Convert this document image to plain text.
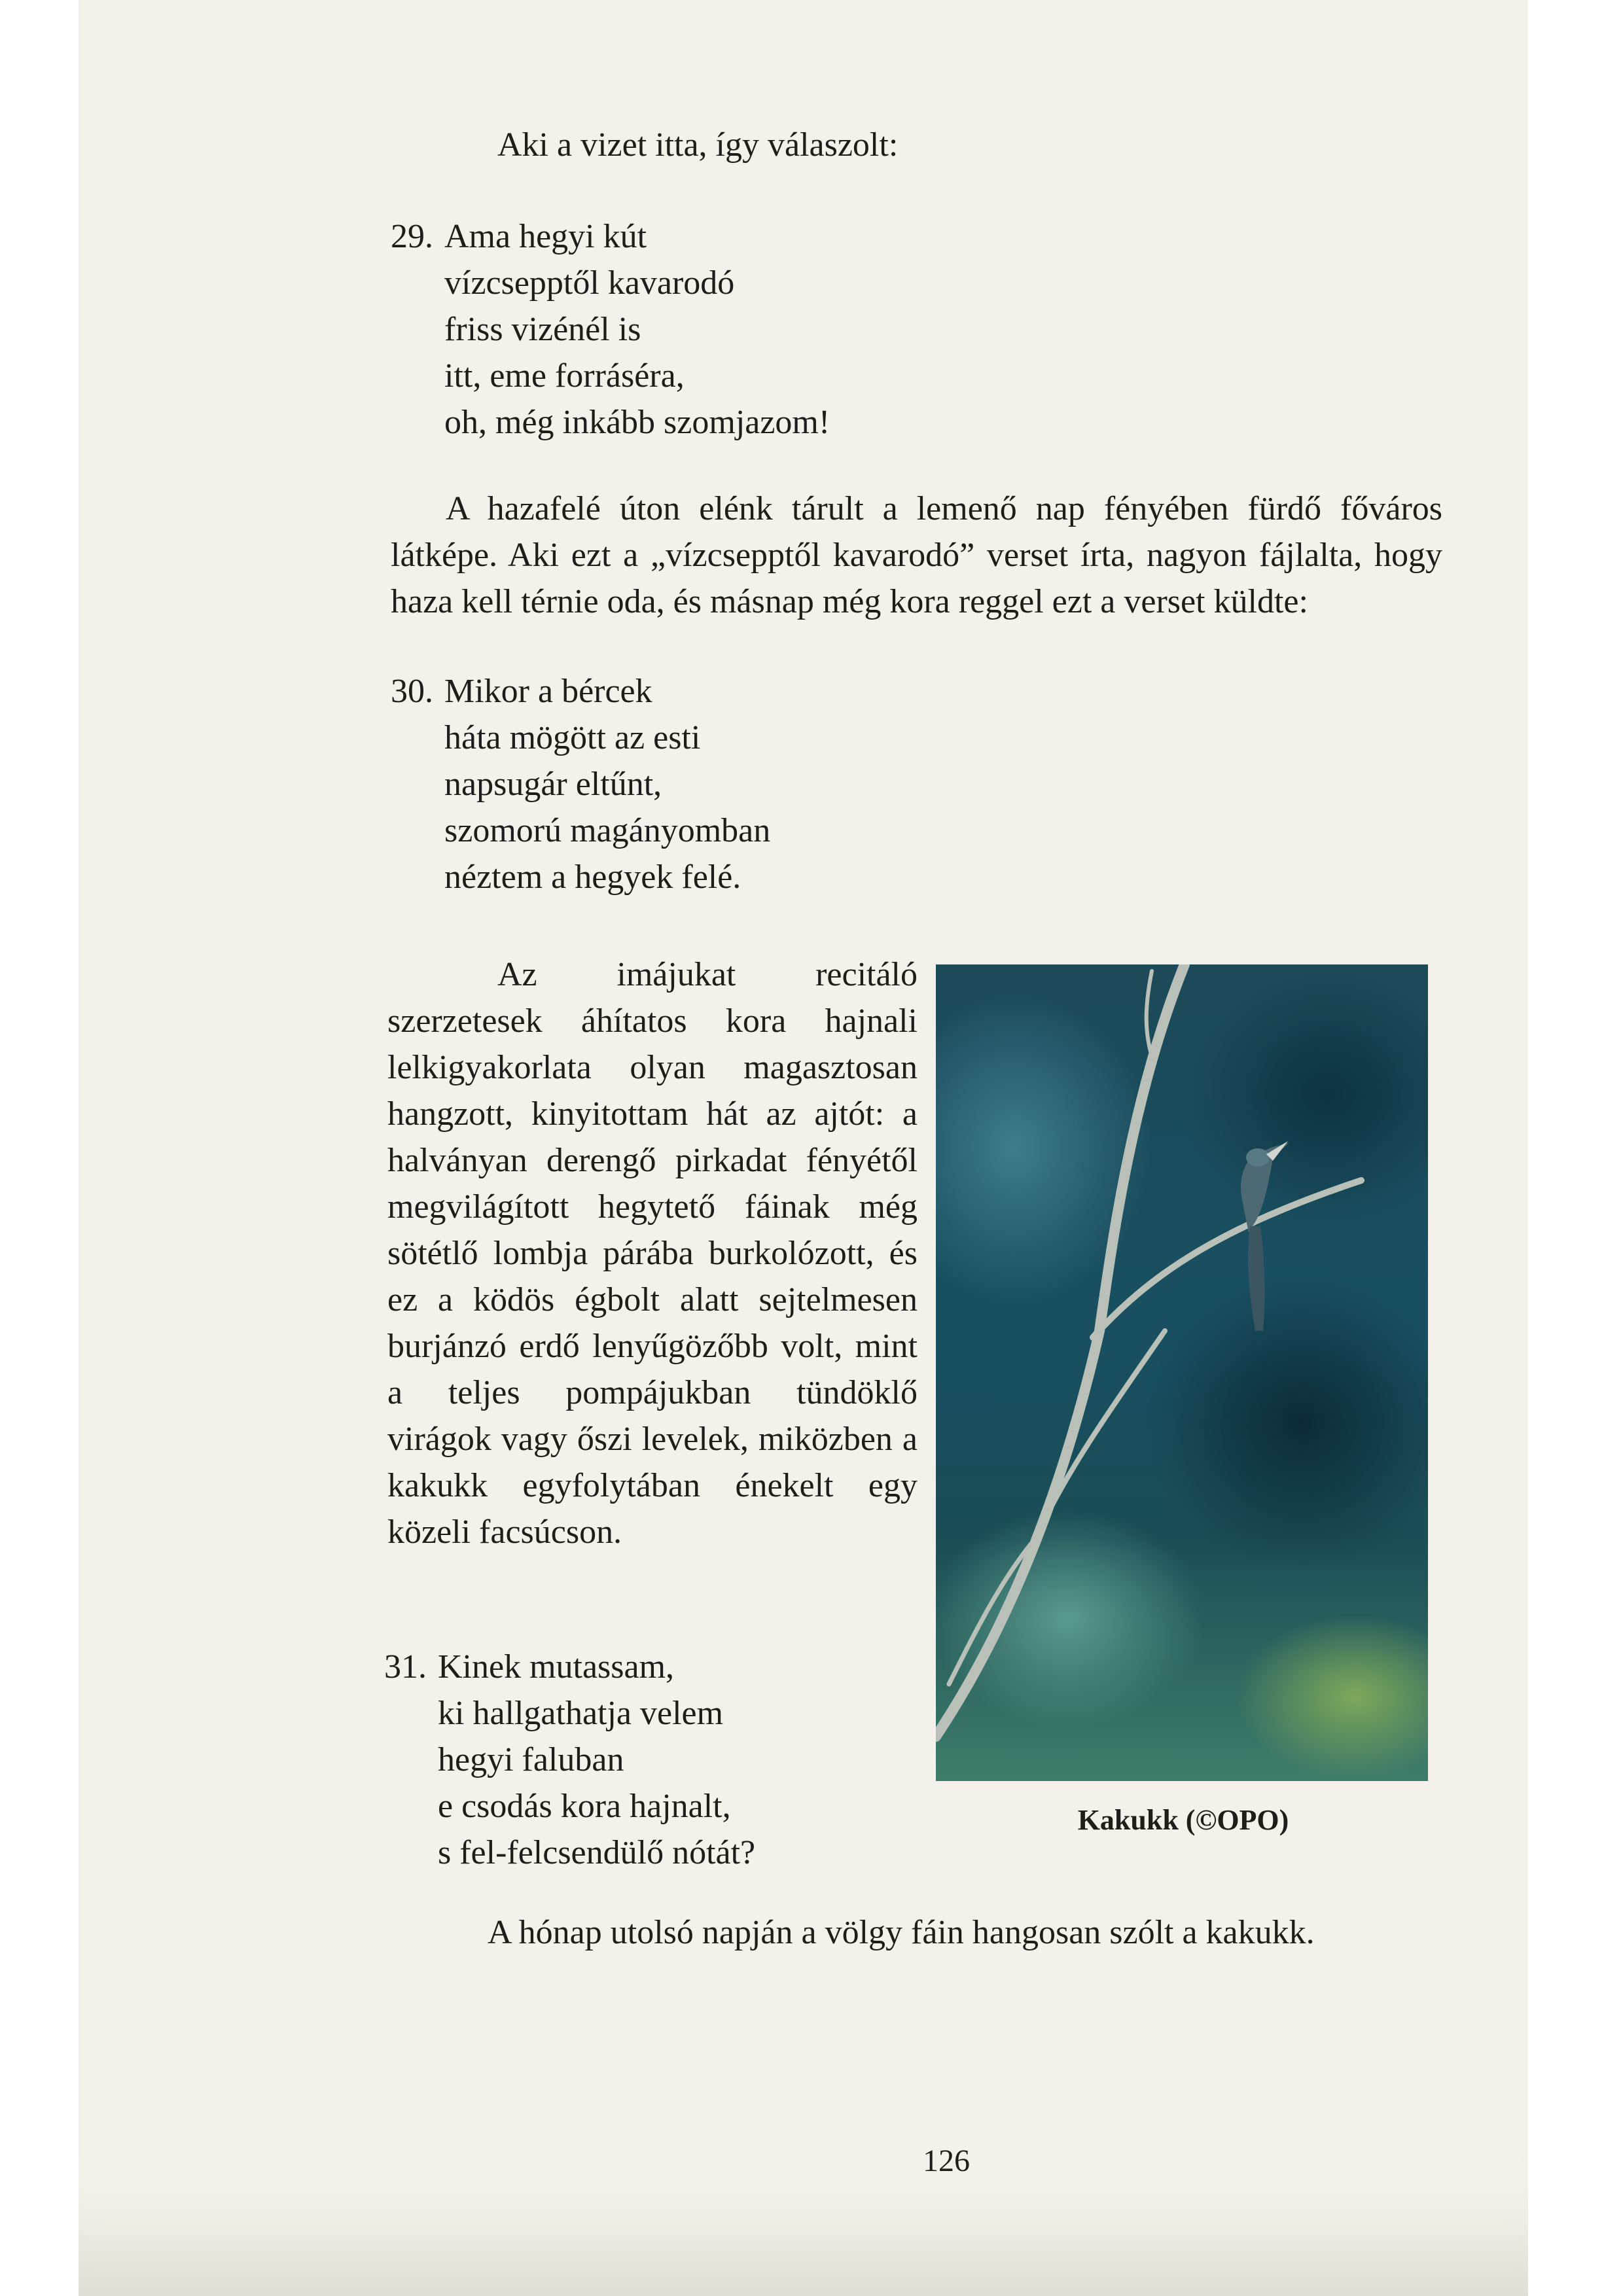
Aki a vizet itta, így válaszolt:
29. Ama hegyi kút
vízcsepptől kavarodó
friss vizénél is
itt, eme forráséra,
oh, még inkább szomjazom!
A hazafelé úton elénk tárult a lemenő nap fényében fürdő főváros látképe. Aki ezt a „vízcsepptől kavarodó” verset írta, nagyon fájlalta, hogy haza kell térnie oda, és másnap még kora reggel ezt a verset küldte:
30. Mikor a bércek
háta mögött az esti
napsugár eltűnt,
szomorú magányomban
néztem a hegyek felé.
Az imájukat recitáló szerzetesek áhítatos kora hajnali lelkigyakorlata olyan magasztosan hangzott, kinyitottam hát az ajtót: a halványan derengő pirkadat fényétől megvilágított hegytető fáinak még sötétlő lombja párába burkolózott, és ez a ködös égbolt alatt sejtelmesen burjánzó erdő lenyűgözőbb volt, mint a teljes pompájukban tündöklő virágok vagy őszi levelek, miközben a kakukk egyfolytában énekelt egy közeli facsúcson.
Kakukk (©OPO)
31. Kinek mutassam,
ki hallgathatja velem
hegyi faluban
e csodás kora hajnalt,
s fel-felcsendülő nótát?
A hónap utolsó napján a völgy fáin hangosan szólt a kakukk.
126
